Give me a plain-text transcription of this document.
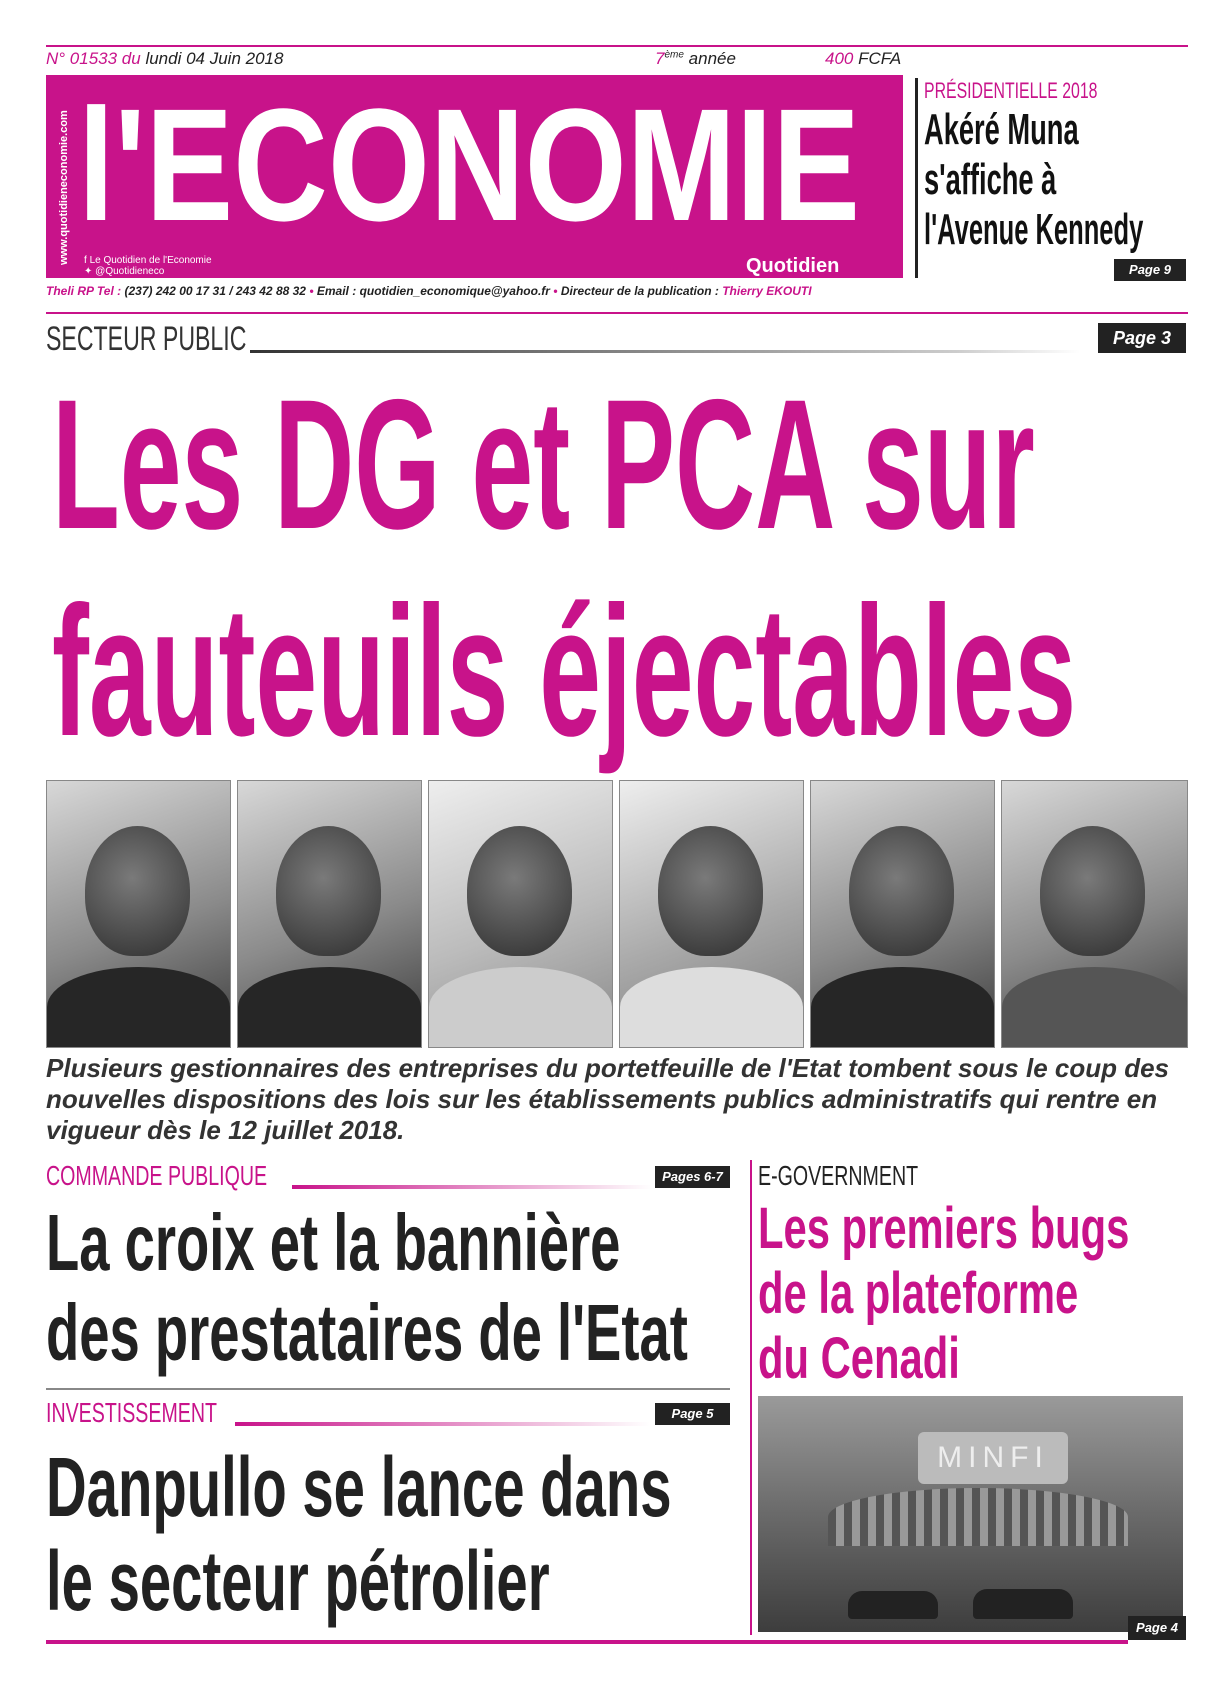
N° 01533 du lundi 04 Juin 2018	7ème année	400 FCFA
www.quotidieneconomie.com l'ECONOMIE
f Le Quotidien de l'Economie
✦ @Quotidieneco	Quotidien
PRÉSIDENTIELLE 2018
Akéré Muna
s'affiche à
l'Avenue Kennedy
Page 9
Theli RP Tel : (237) 242 00 17 31 / 243 42 88 32 • Email : quotidien_economique@yahoo.fr • Directeur de la publication : Thierry EKOUTI
SECTEUR PUBLIC	Page 3
Les DG et PCA sur
fauteuils éjectables
Plusieurs gestionnaires des entreprises du portetfeuille de l'Etat tombent sous le coup des nouvelles dispositions des lois sur les établissements publics administratifs qui rentre en vigueur dès le 12 juillet 2018.
COMMANDE PUBLIQUE	Pages 6-7
La croix et la bannière
des prestataires de l'Etat
INVESTISSEMENT	Page 5
Danpullo se lance dans
le secteur pétrolier
E-GOVERNMENT
Les premiers bugs
de la plateforme
du Cenadi
MINFI
Page 4
